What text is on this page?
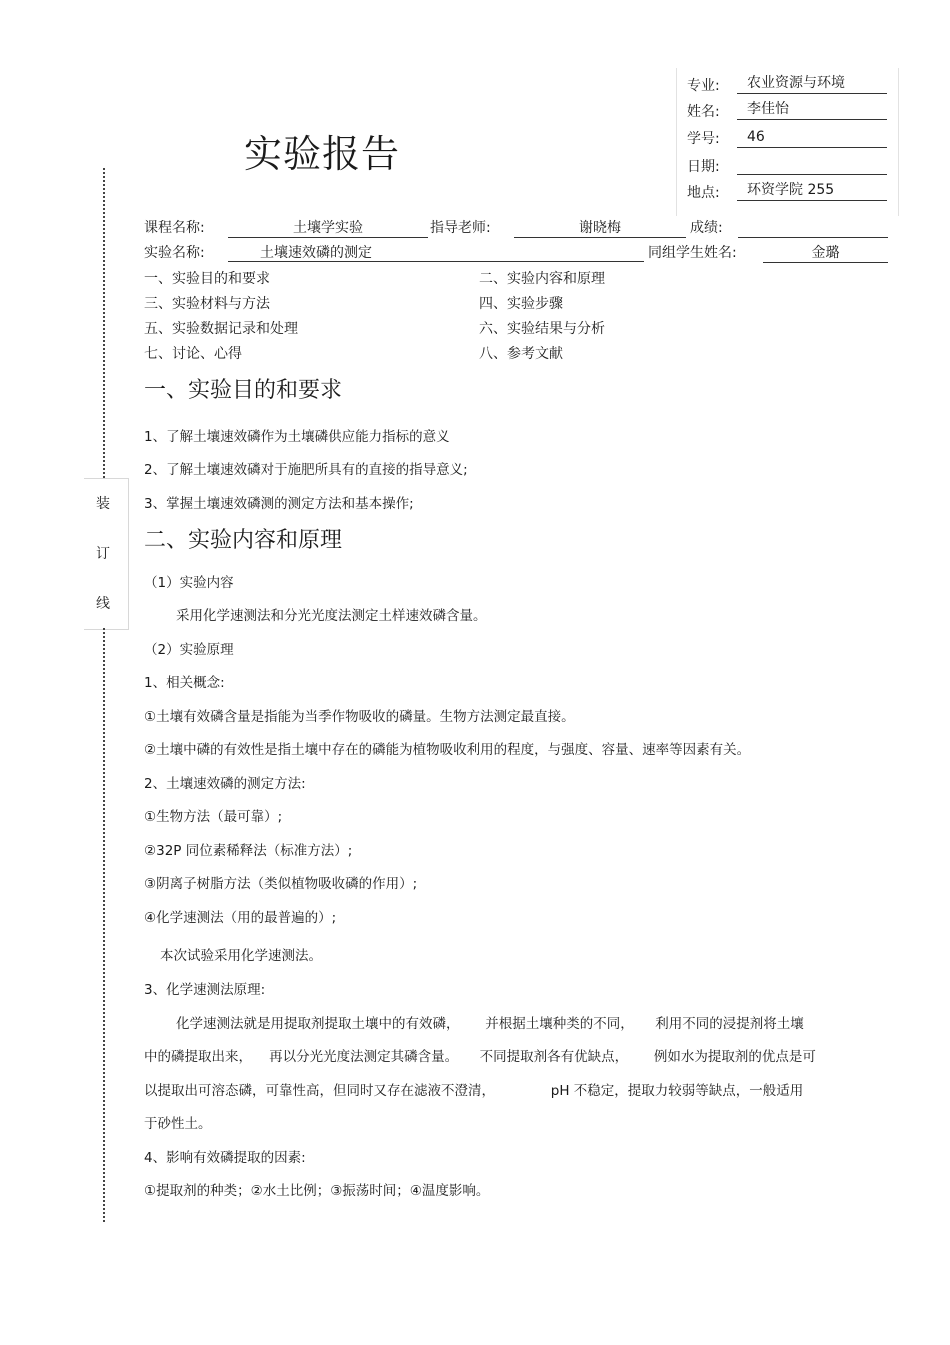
专业:	农业资源与环境
姓名:	李佳怡
学号:	46
日期:
地点:	环资学院 255
实验报告
装
订
线
课程名称:	土壤学实验	指导老师:	谢晓梅	成绩:
实验名称:	土壤速效磷的测定	同组学生姓名:	金璐
一、实验目的和要求	二、实验内容和原理
三、实验材料与方法	四、实验步骤
五、实验数据记录和处理	六、实验结果与分析
七、讨论、心得	八、参考文献
一、实验目的和要求
1、了解土壤速效磷作为土壤磷供应能力指标的意义
2、了解土壤速效磷对于施肥所具有的直接的指导意义;
3、掌握土壤速效磷测的测定方法和基本操作;
二、实验内容和原理
（1）实验内容
采用化学速测法和分光光度法测定土样速效磷含量。
（2）实验原理
1、相关概念:
①土壤有效磷含量是指能为当季作物吸收的磷量。生物方法测定最直接。
②土壤中磷的有效性是指土壤中存在的磷能为植物吸收利用的程度，与强度、容量、速率等因素有关。
2、土壤速效磷的测定方法:
①生物方法（最可靠）;
②32P 同位素稀释法（标准方法）;
③阴离子树脂方法（类似植物吸收磷的作用）;
④化学速测法（用的最普遍的）;
本次试验采用化学速测法。
3、化学速测法原理:
化学速测法就是用提取剂提取土壤中的有效磷，      并根据土壤种类的不同，     利用不同的浸提剂将土壤
中的磷提取出来，    再以分光光度法测定其磷含量。     不同提取剂各有优缺点，      例如水为提取剂的优点是可
以提取出可溶态磷，可靠性高，但同时又存在滤液不澄清，             pH 不稳定，提取力较弱等缺点，一般适用
于砂性土。
4、影响有效磷提取的因素:
①提取剂的种类；②水土比例；③振荡时间；④温度影响。
